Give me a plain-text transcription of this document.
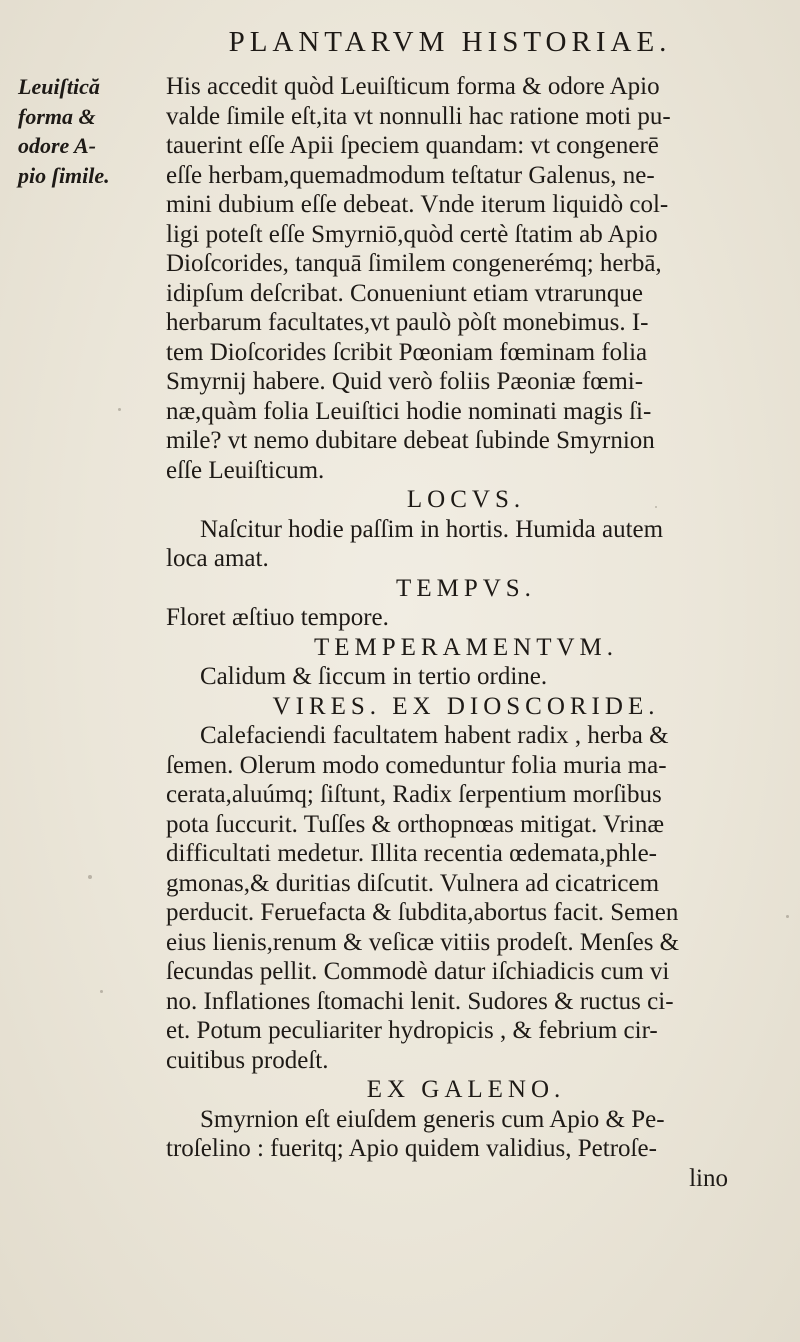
PLANTARVM HISTORIAE.
Leuiſtică
forma &
odore A-
pio ſimile.
His accedit quòd Leuiſticum forma & odore Apio
valde ſimile eſt,ita vt nonnulli hac ratione moti pu-
tauerint eſſe Apii ſpeciem quandam: vt congenerē
eſſe herbam,quemadmodum teſtatur Galenus, ne-
mini dubium eſſe debeat. Vnde iterum liquidò col-
ligi poteſt eſſe Smyrniō,quòd certè ſtatim ab Apio
Dioſcorides, tanquā ſimilem congenerémq; herbā,
idipſum deſcribat. Conueniunt etiam vtrarunque
herbarum facultates,vt paulò pòſt monebimus. I-
tem Dioſcorides ſcribit Pœoniam fœminam folia
Smyrnij habere. Quid verò foliis Pæoniæ fœmi-
næ,quàm folia Leuiſtici hodie nominati magis ſi-
mile? vt nemo dubitare debeat ſubinde Smyrnion
eſſe Leuiſticum.
LOCVS.
Naſcitur hodie paſſim in hortis. Humida autem
loca amat.
TEMPVS.
Floret æſtiuo tempore.
TEMPERAMENTVM.
Calidum & ſiccum in tertio ordine.
VIRES. EX DIOSCORIDE.
Calefaciendi facultatem habent radix , herba &
ſemen. Olerum modo comeduntur folia muria ma-
cerata,aluúmq; ſiſtunt, Radix ſerpentium morſibus
pota ſuccurit. Tuſſes & orthopnœas mitigat. Vrinæ
difficultati medetur. Illita recentia œdemata,phle-
gmonas,& duritias diſcutit. Vulnera ad cicatricem
perducit. Feruefacta & ſubdita,abortus facit. Semen
eius lienis,renum & veſicæ vitiis prodeſt. Menſes &
ſecundas pellit. Commodè datur iſchiadicis cum vi
no. Inflationes ſtomachi lenit. Sudores & ructus ci-
et. Potum peculiariter hydropicis , & febrium cir-
cuitibus prodeſt.
EX GALENO.
Smyrnion eſt eiuſdem generis cum Apio & Pe-
troſelino : fueritq; Apio quidem validius, Petroſe-
lino
